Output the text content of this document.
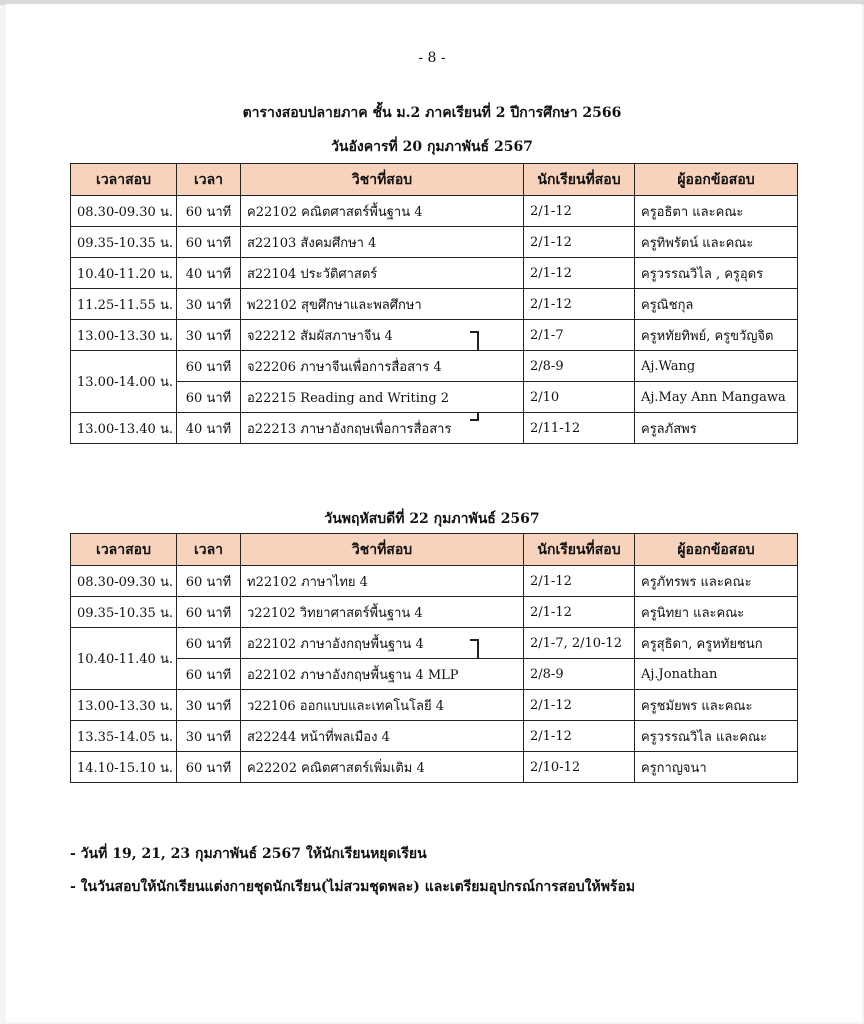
- 8 -
ตารางสอบปลายภาค ชั้น ม.2 ภาคเรียนที่ 2 ปีการศึกษา 2566
วันอังคารที่ 20 กุมภาพันธ์ 2567
เวลาสอบ	เวลา	วิชาที่สอบ	นักเรียนที่สอบ	ผู้ออกข้อสอบ
08.30-09.30 น.	60 นาที	ค22102 คณิตศาสตร์พื้นฐาน 4	2/1-12	ครูอธิตา และคณะ
09.35-10.35 น.	60 นาที	ส22103 สังคมศึกษา 4	2/1-12	ครูทิพรัตน์ และคณะ
10.40-11.20 น.	40 นาที	ส22104 ประวัติศาสตร์	2/1-12	ครูวรรณวิไล , ครูอุดร
11.25-11.55 น.	30 นาที	พ22102 สุขศึกษาและพลศึกษา	2/1-12	ครูณิชกุล
13.00-13.30 น.	30 นาที	จ22212 สัมผัสภาษาจีน 4	2/1-7	ครูหทัยทิพย์, ครูขวัญจิต
13.00-14.00 น.	60 นาที	จ22206 ภาษาจีนเพื่อการสื่อสาร 4	2/8-9	Aj.Wang
	60 นาที	อ22215 Reading and Writing 2	2/10	Aj.May Ann Mangawa
13.00-13.40 น.	40 นาที	อ22213 ภาษาอังกฤษเพื่อการสื่อสาร	2/11-12	ครูลภัสพร
วันพฤหัสบดีที่ 22 กุมภาพันธ์ 2567
เวลาสอบ	เวลา	วิชาที่สอบ	นักเรียนที่สอบ	ผู้ออกข้อสอบ
08.30-09.30 น.	60 นาที	ท22102 ภาษาไทย 4	2/1-12	ครูภัทรพร และคณะ
09.35-10.35 น.	60 นาที	ว22102 วิทยาศาสตร์พื้นฐาน 4	2/1-12	ครูนิทยา และคณะ
10.40-11.40 น.	60 นาที	อ22102 ภาษาอังกฤษพื้นฐาน 4	2/1-7, 2/10-12	ครูสุธิดา, ครูหทัยชนก
	60 นาที	อ22102 ภาษาอังกฤษพื้นฐาน 4 MLP	2/8-9	Aj.Jonathan
13.00-13.30 น.	30 นาที	ว22106 ออกแบบและเทคโนโลยี 4	2/1-12	ครูชมัยพร และคณะ
13.35-14.05 น.	30 นาที	ส22244 หน้าที่พลเมือง 4	2/1-12	ครูวรรณวิไล และคณะ
14.10-15.10 น.	60 นาที	ค22202 คณิตศาสตร์เพิ่มเติม 4	2/10-12	ครูกาญจนา
- วันที่ 19, 21, 23 กุมภาพันธ์ 2567 ให้นักเรียนหยุดเรียน
- ในวันสอบให้นักเรียนแต่งกายชุดนักเรียน(ไม่สวมชุดพละ) และเตรียมอุปกรณ์การสอบให้พร้อม
